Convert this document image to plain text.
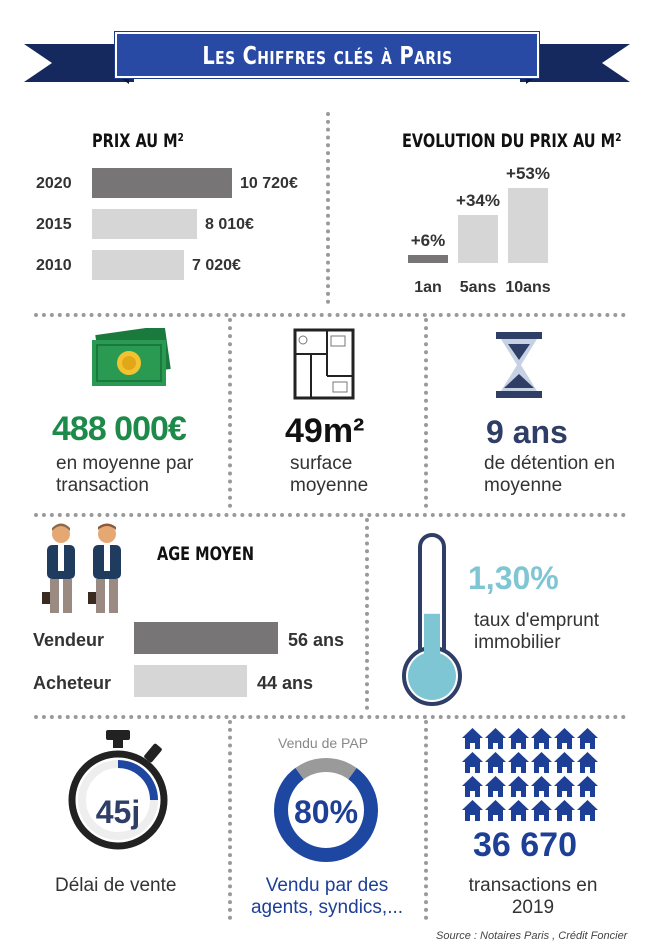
Les Chiffres clés à Paris
PRIX AU M²	EVOLUTION DU PRIX AU M²
488 000€
en moyenne par transaction
49m²
surface moyenne
9 ans
de détention en moyenne
AGE MOYEN
1,30%
taux d'emprunt immobilier
45j
Délai de vente
Vendu de PAP
80%
Vendu par des agents, syndics,...
36 670
transactions en 2019
Source : Notaires Paris , Crédit Foncier
2020	10 720€
2015	8 010€
2010	7 020€
Vendeur	56 ans
Acheteur	44 ans
+6%
1an
+34%
5ans
+53%
10ans
